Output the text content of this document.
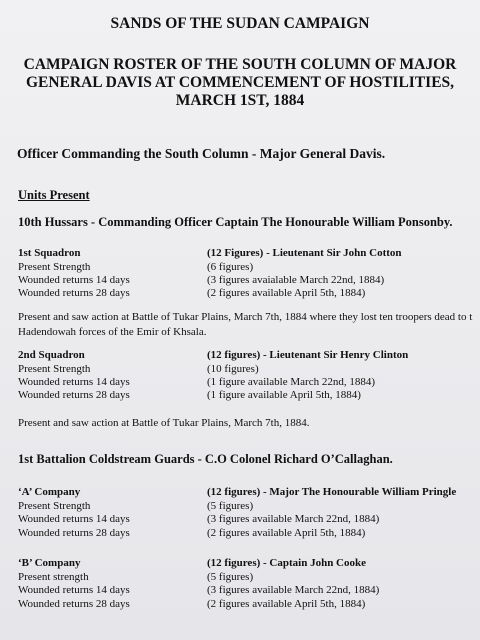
SANDS OF THE SUDAN CAMPAIGN
CAMPAIGN ROSTER OF THE SOUTH COLUMN OF MAJOR
GENERAL DAVIS AT COMMENCEMENT OF HOSTILITIES,
MARCH 1ST, 1884
Officer Commanding the South Column - Major General Davis.
Units Present
10th Hussars - Commanding Officer Captain The Honourable William Ponsonby.
1st Squadron	(12 Figures) - Lieutenant Sir John Cotton
Present Strength	(6 figures)
Wounded returns 14 days	(3 figures avaialable March 22nd, 1884)
Wounded returns 28 days	(2 figures available April 5th, 1884)
Present and saw action at Battle of Tukar Plains, March 7th, 1884 where they lost ten troopers dead to t
Hadendowah forces of the Emir of Khsala.
2nd Squadron	(12 figures) - Lieutenant Sir Henry Clinton
Present Strength	(10 figures)
Wounded returns 14 days	(1 figure available March 22nd, 1884)
Wounded returns 28 days	(1 figure available April 5th, 1884)
Present and saw action at Battle of Tukar Plains, March 7th, 1884.
1st Battalion Coldstream Guards - C.O Colonel Richard O’Callaghan.
‘A’ Company	(12 figures) - Major The Honourable William Pringle
Present Strength	(5 figures)
Wounded returns 14 days	(3 figures available March 22nd, 1884)
Wounded returns 28 days	(2 figures available April 5th, 1884)
‘B’ Company	(12 figures) - Captain John Cooke
Present strength	(5 figures)
Wounded returns 14 days	(3 figures available March 22nd, 1884)
Wounded returns 28 days	(2 figures available April 5th, 1884)
